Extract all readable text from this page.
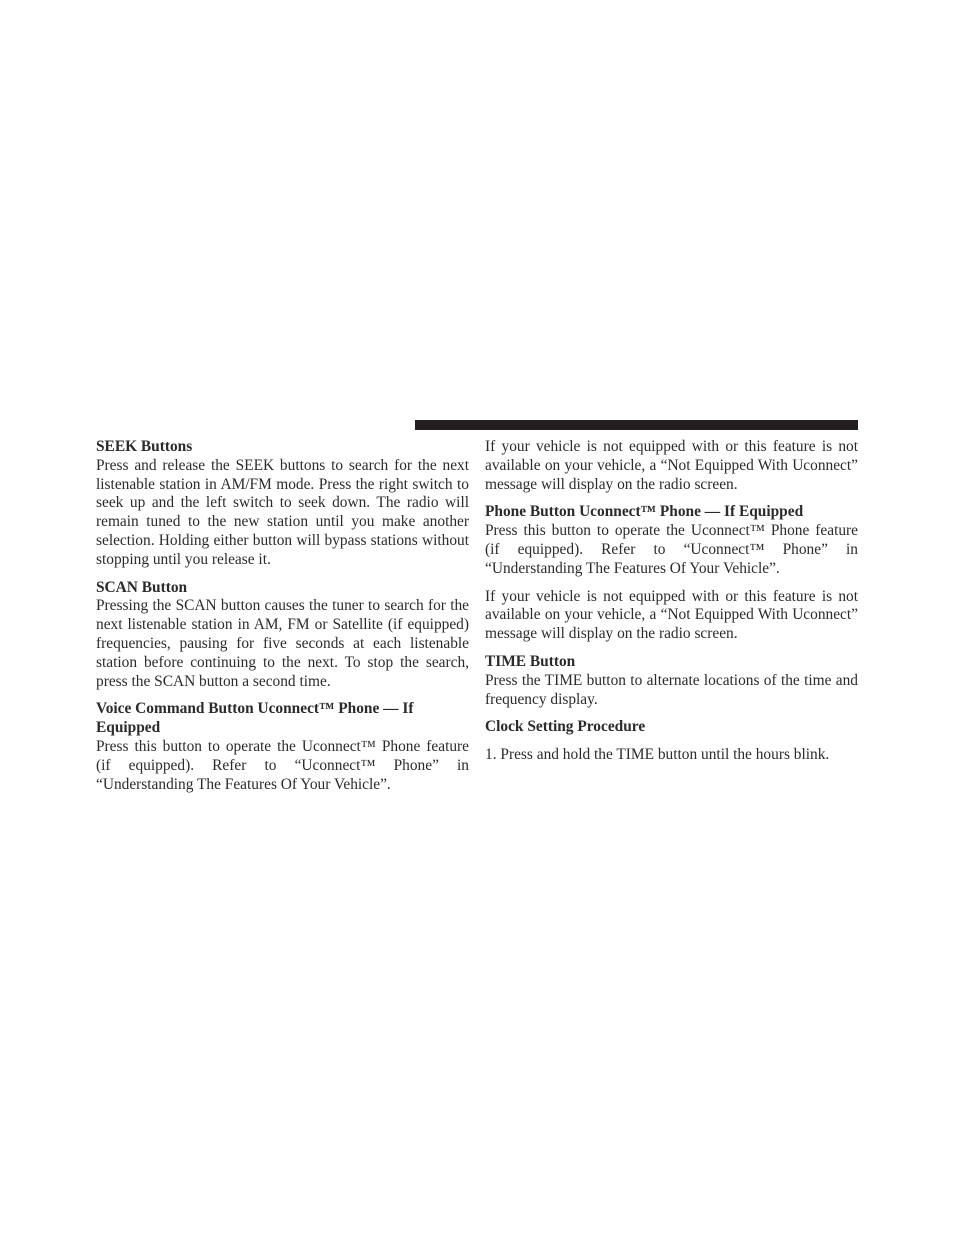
SEEK Buttons

Press and release the SEEK buttons to search for the next listenable station in AM/FM mode. Press the right switch to seek up and the left switch to seek down. The radio will remain tuned to the new station until you make another selection. Holding either button will bypass stations without stopping until you release it.

SCAN Button

Pressing the SCAN button causes the tuner to search for the next listenable station in AM, FM or Satellite (if equipped) frequencies, pausing for five seconds at each listenable station before continuing to the next. To stop the search, press the SCAN button a second time.

Voice Command Button Uconnect™ Phone — If Equipped

Press this button to operate the Uconnect™ Phone feature (if equipped). Refer to “Uconnect™ Phone” in “Understanding The Features Of Your Vehicle”.

If your vehicle is not equipped with or this feature is not available on your vehicle, a “Not Equipped With Uconnect” message will display on the radio screen.

Phone Button Uconnect™ Phone — If Equipped

Press this button to operate the Uconnect™ Phone feature (if equipped). Refer to “Uconnect™ Phone” in “Understanding The Features Of Your Vehicle”.

If your vehicle is not equipped with or this feature is not available on your vehicle, a “Not Equipped With Uconnect” message will display on the radio screen.

TIME Button

Press the TIME button to alternate locations of the time and frequency display.

Clock Setting Procedure

1. Press and hold the TIME button until the hours blink.
